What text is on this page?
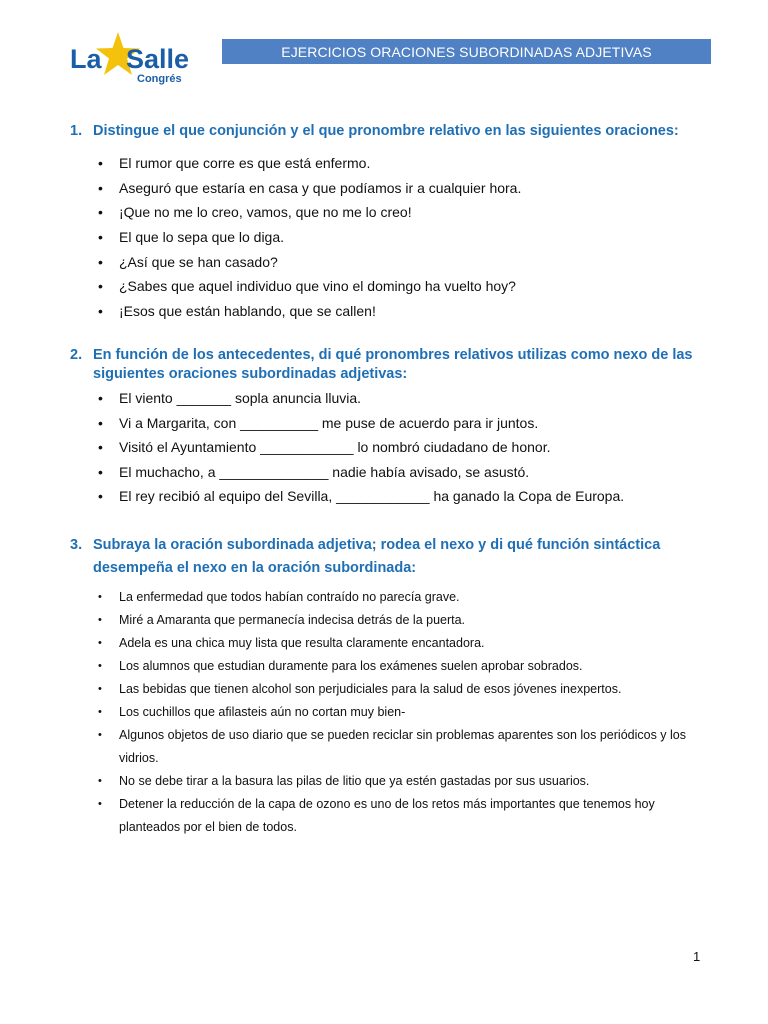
La Salle
Congrés
EJERCICIOS ORACIONES SUBORDINADAS ADJETIVAS
1. Distingue el que conjunción y el que pronombre relativo en las siguientes oraciones:
• El rumor que corre es que está enfermo.
• Aseguró que estaría en casa y que podíamos ir a cualquier hora.
• ¡Que no me lo creo, vamos, que no me lo creo!
• El que lo sepa que lo diga.
• ¿Así que se han casado?
• ¿Sabes que aquel individuo que vino el domingo ha vuelto hoy?
• ¡Esos que están hablando, que se callen!
2. En función de los antecedentes, di qué pronombres relativos utilizas como nexo de las siguientes oraciones subordinadas adjetivas:
• El viento _______ sopla anuncia lluvia.
• Vi a Margarita, con __________ me puse de acuerdo para ir juntos.
• Visitó el Ayuntamiento ____________ lo nombró ciudadano de honor.
• El muchacho, a ______________ nadie había avisado, se asustó.
• El rey recibió al equipo del Sevilla, ____________ ha ganado la Copa de Europa.
3. Subraya la oración subordinada adjetiva; rodea el nexo y di qué función sintáctica desempeña el nexo en la oración subordinada:
• La enfermedad que todos habían contraído no parecía grave.
• Miré a Amaranta que permanecía indecisa detrás de la puerta.
• Adela es una chica muy lista que resulta claramente encantadora.
• Los alumnos que estudian duramente para los exámenes suelen aprobar sobrados.
• Las bebidas que tienen alcohol son perjudiciales para la salud de esos jóvenes inexpertos.
• Los cuchillos que afilasteis aún no cortan muy bien-
• Algunos objetos de uso diario que se pueden reciclar sin problemas aparentes son los periódicos y los vidrios.
• No se debe tirar a la basura las pilas de litio que ya estén gastadas por sus usuarios.
• Detener la reducción de la capa de ozono es uno de los retos más importantes que tenemos hoy planteados por el bien de todos.
1
